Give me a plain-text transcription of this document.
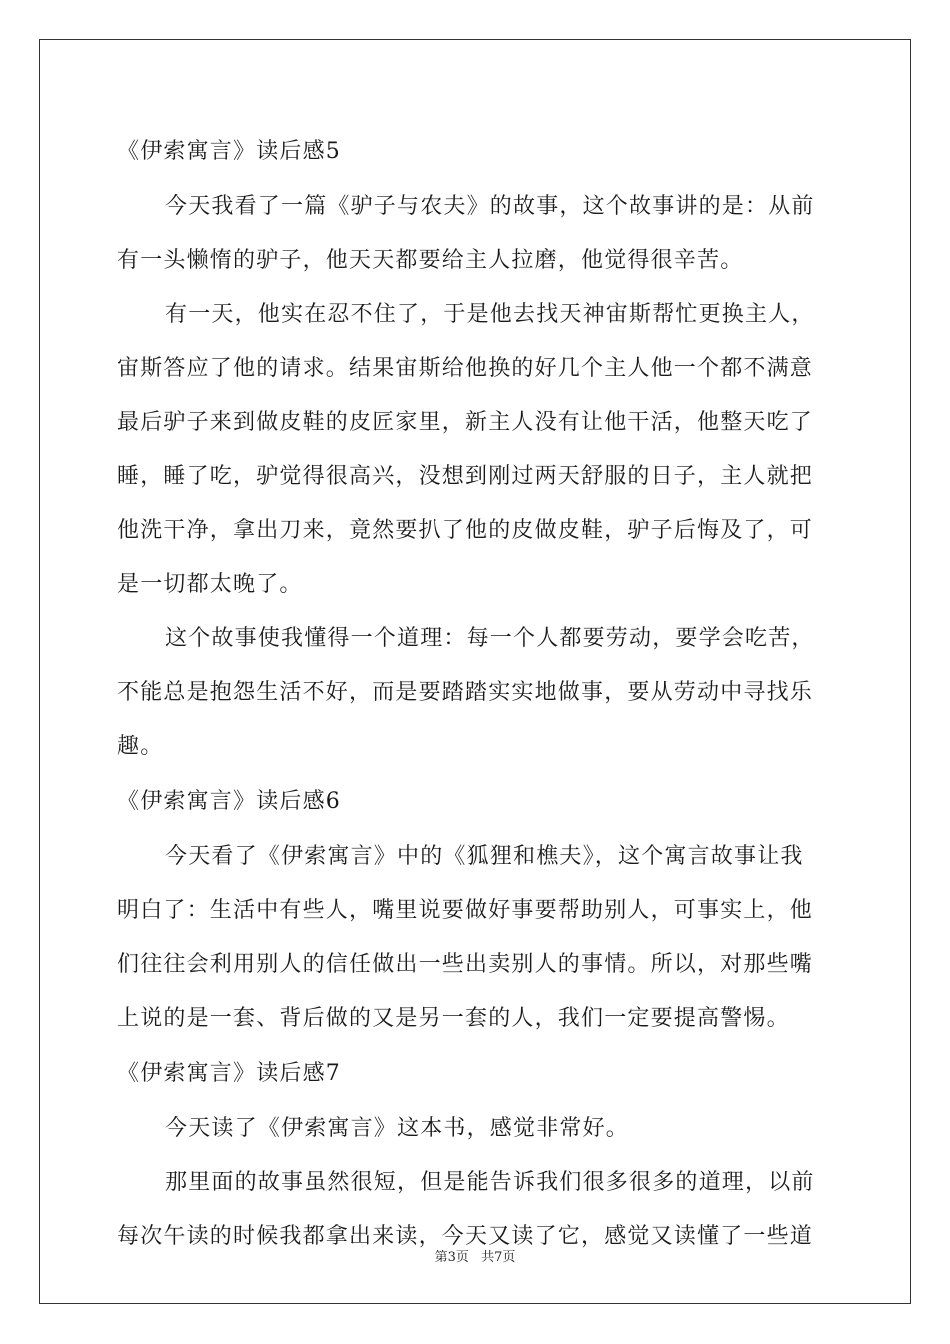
《伊索寓言》读后感5
今天我看了一篇《驴子与农夫》的故事，这个故事讲的是：从前
有一头懒惰的驴子，他天天都要给主人拉磨，他觉得很辛苦。
有一天，他实在忍不住了，于是他去找天神宙斯帮忙更换主人，
宙斯答应了他的请求。结果宙斯给他换的好几个主人他一个都不满意
最后驴子来到做皮鞋的皮匠家里，新主人没有让他干活，他整天吃了
睡，睡了吃，驴觉得很高兴，没想到刚过两天舒服的日子，主人就把
他洗干净，拿出刀来，竟然要扒了他的皮做皮鞋，驴子后悔及了，可
是一切都太晚了。
这个故事使我懂得一个道理：每一个人都要劳动，要学会吃苦，
不能总是抱怨生活不好，而是要踏踏实实地做事，要从劳动中寻找乐
趣。
《伊索寓言》读后感6
今天看了《伊索寓言》中的《狐狸和樵夫》，这个寓言故事让我
明白了：生活中有些人，嘴里说要做好事要帮助别人，可事实上，他
们往往会利用别人的信任做出一些出卖别人的事情。所以，对那些嘴
上说的是一套、背后做的又是另一套的人，我们一定要提高警惕。
《伊索寓言》读后感7
今天读了《伊索寓言》这本书，感觉非常好。
那里面的故事虽然很短，但是能告诉我们很多很多的道理，以前
每次午读的时候我都拿出来读，今天又读了它，感觉又读懂了一些道
第3页 共7页
